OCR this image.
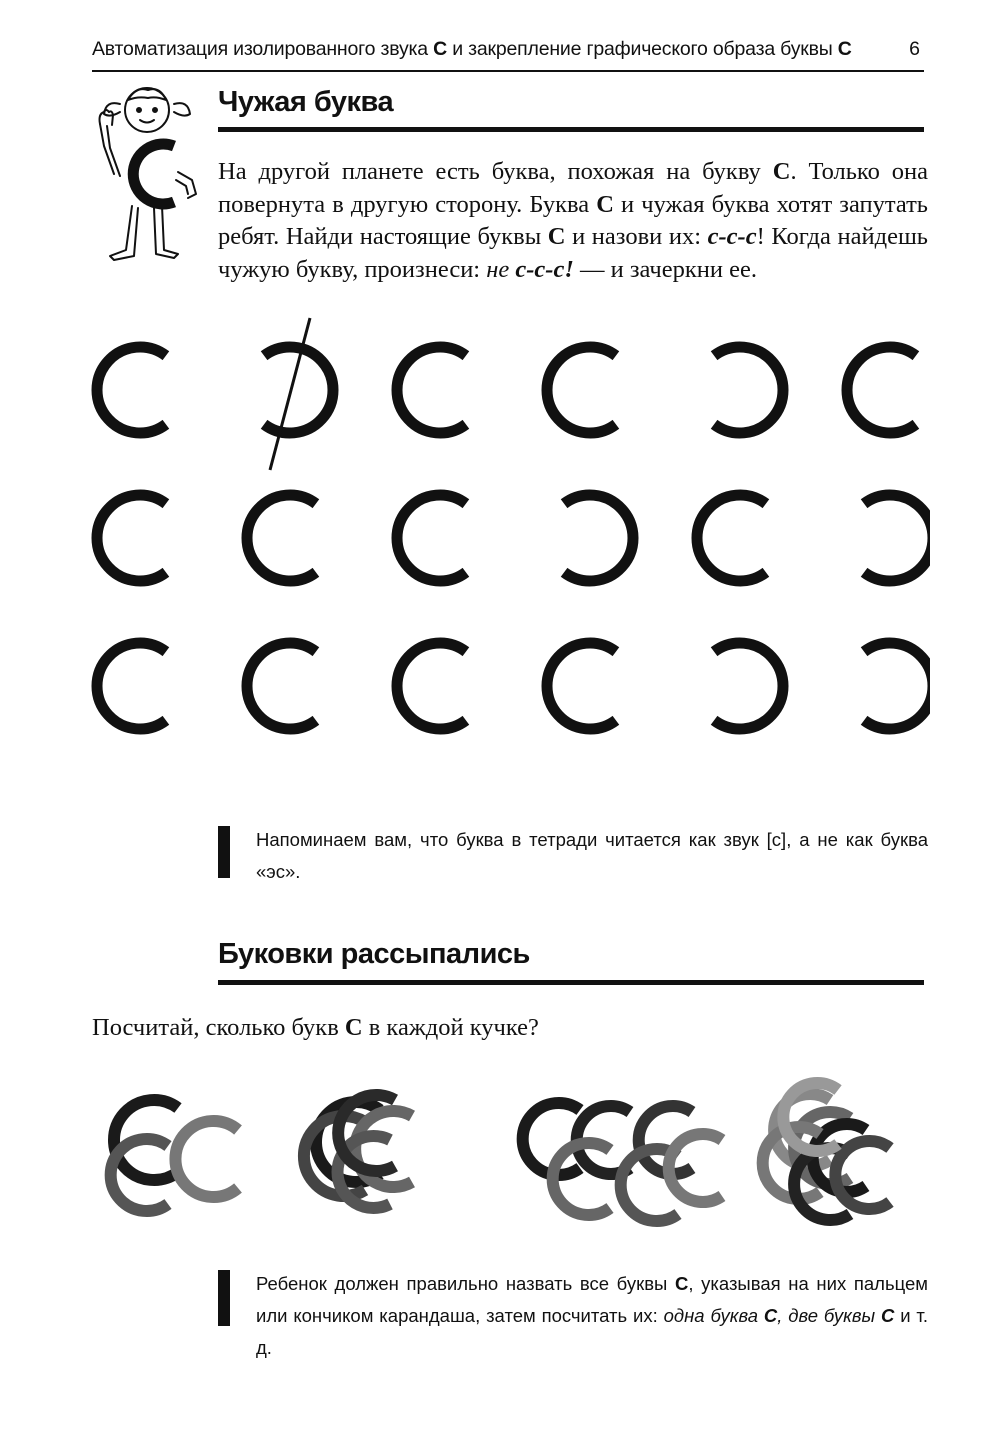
Автоматизация изолированного звука С и закрепление графического образа буквы С	6
Чужая буква
На другой планете есть буква, похожая на букву С. Только она повернута в другую сторону. Буква С и чужая буква хотят запутать ребят. Найди настоящие буквы С и назови их: с-с-с! Когда найдешь чужую букву, произнеси: не с-с-с! — и зачеркни ее.
Напоминаем вам, что буква в тетради читается как звук [с], а не как буква «эс».
Буковки рассыпались
Посчитай, сколько букв С в каждой кучке?
Ребенок должен правильно назвать все буквы С, указывая на них пальцем или кончиком карандаша, затем посчитать их: одна буква С, две буквы С и т. д.
